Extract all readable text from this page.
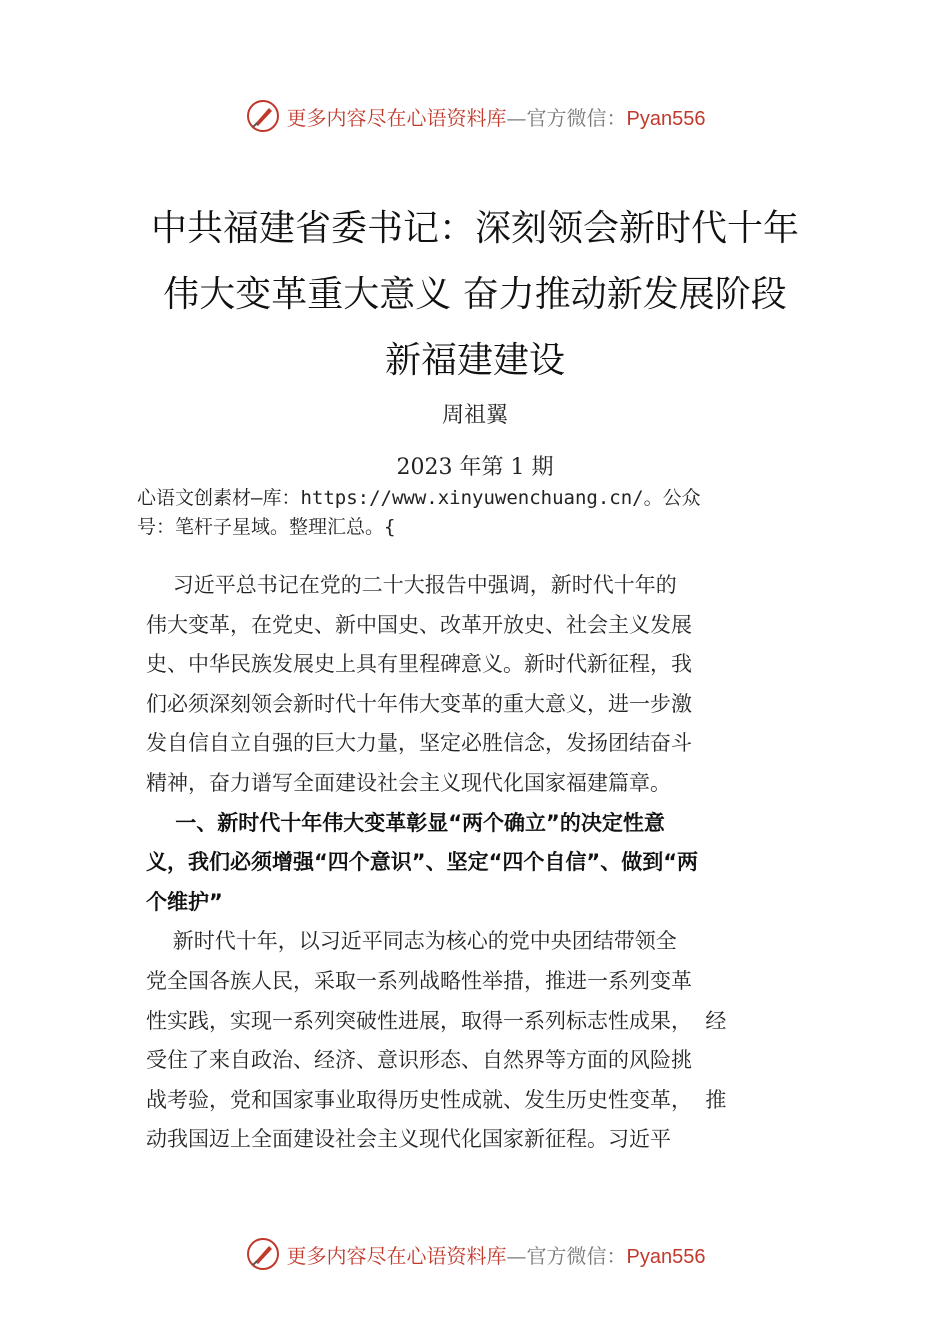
更多内容尽在心语资料库—官方微信：Pyan556
中共福建省委书记：深刻领会新时代十年
伟大变革重大意义 奋力推动新发展阶段
新福建建设
周祖翼
2023 年第 1 期
心语文创素材—库：https://www.xinyuwenchuang.cn/。公众
号：笔杆子星域。整理汇总。{
习近平总书记在党的二十大报告中强调，新时代十年的
伟大变革，在党史、新中国史、改革开放史、社会主义发展
史、中华民族发展史上具有里程碑意义。新时代新征程，我
们必须深刻领会新时代十年伟大变革的重大意义，进一步激
发自信自立自强的巨大力量，坚定必胜信念，发扬团结奋斗
精神，奋力谱写全面建设社会主义现代化国家福建篇章。
一、新时代十年伟大变革彰显“两个确立”的决定性意
义，我们必须增强“四个意识”、坚定“四个自信”、做到“两
个维护”
新时代十年，以习近平同志为核心的党中央团结带领全
党全国各族人民，采取一系列战略性举措，推进一系列变革
性实践，实现一系列突破性进展，取得一系列标志性成果，  经
受住了来自政治、经济、意识形态、自然界等方面的风险挑
战考验，党和国家事业取得历史性成就、发生历史性变革，  推
动我国迈上全面建设社会主义现代化国家新征程。习近平
更多内容尽在心语资料库—官方微信：Pyan556
